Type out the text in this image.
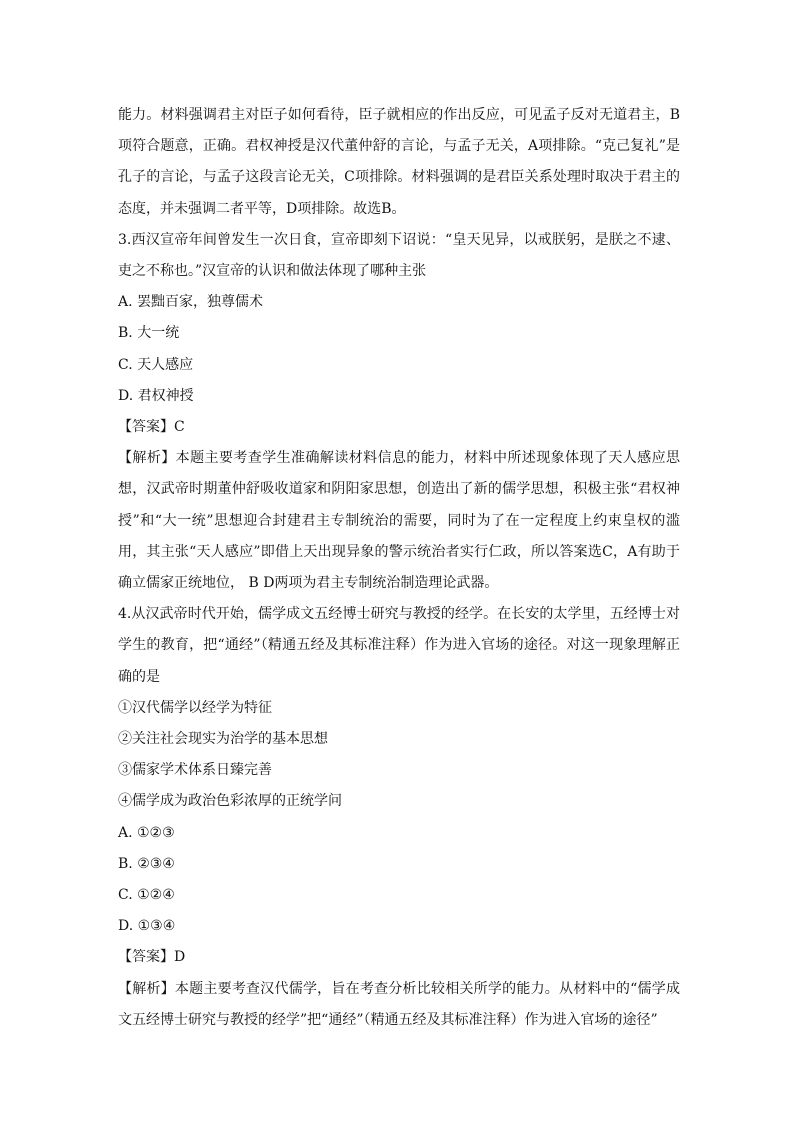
能力。材料强调君主对臣子如何看待，臣子就相应的作出反应，可见孟子反对无道君主，B项符合题意，正确。君权神授是汉代董仲舒的言论，与孟子无关，A项排除。“克己复礼”是孔子的言论，与孟子这段言论无关，C项排除。材料强调的是君臣关系处理时取决于君主的态度，并未强调二者平等，D项排除。故选B。

3.西汉宣帝年间曾发生一次日食，宣帝即刻下诏说：“皇天见异，以戒朕躬，是朕之不逮、吏之不称也。”汉宣帝的认识和做法体现了哪种主张

A. 罢黜百家，独尊儒术

B. 大一统

C. 天人感应

D. 君权神授

【答案】C

【解析】本题主要考查学生准确解读材料信息的能力，材料中所述现象体现了天人感应思想，汉武帝时期董仲舒吸收道家和阴阳家思想，创造出了新的儒学思想，积极主张“君权神授”和“大一统”思想迎合封建君主专制统治的需要，同时为了在一定程度上约束皇权的滥用，其主张“天人感应”即借上天出现异象的警示统治者实行仁政，所以答案选C，A有助于确立儒家正统地位， B D两项为君主专制统治制造理论武器。

4.从汉武帝时代开始，儒学成文五经博士研究与教授的经学。在长安的太学里，五经博士对学生的教育，把“通经”（精通五经及其标准注释）作为进入官场的途径。对这一现象理解正确的是

①汉代儒学以经学为特征

②关注社会现实为治学的基本思想

③儒家学术体系日臻完善

④儒学成为政治色彩浓厚的正统学问

A. ①②③

B. ②③④

C. ①②④

D. ①③④

【答案】D

【解析】本题主要考查汉代儒学，旨在考查分析比较相关所学的能力。从材料中的“儒学成文五经博士研究与教授的经学”把“通经”（精通五经及其标准注释）作为进入官场的途径”
